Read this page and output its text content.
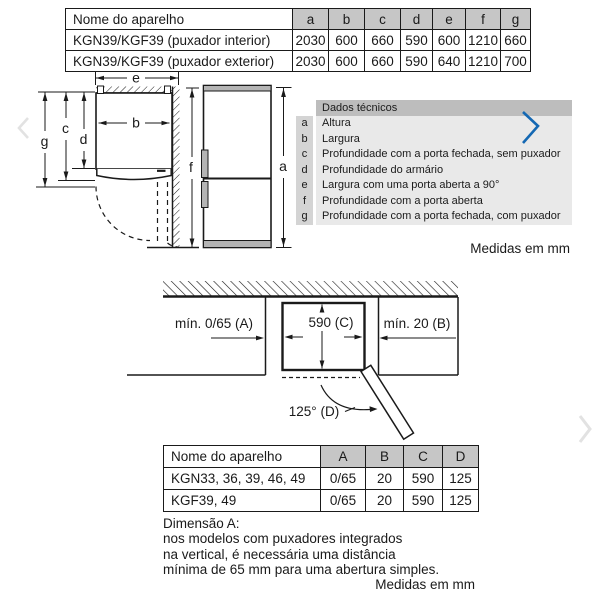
Nome do aparelho	a	b	c	d	e	f	g
KGN39/KGF39 (puxador interior)	2030	600	660	590	600	1210	660
KGN39/KGF39 (puxador exterior)	2030	600	660	590	640	1210	700
e
b
g
c
d
f	a
Dados técnicos
a	Altura
b	Largura
c	Profundidade com a porta fechada, sem puxador
d	Profundidade do armário
e	Largura com uma porta aberta a 90°
f	Profundidade com a porta aberta
g	Profundidade com a porta fechada, com puxador
Medidas em mm
mín. 0/65 (A)	mín. 20 (B)
590 (C)
125° (D)
Nome do aparelho	A	B	C	D
KGN33, 36, 39, 46, 49	0/65	20	590	125
KGF39, 49	0/65	20	590	125
Dimensão A:
nos modelos com puxadores integrados
na vertical, é necessária uma distância
mínima de 65 mm para uma abertura simples.
Medidas em mm
